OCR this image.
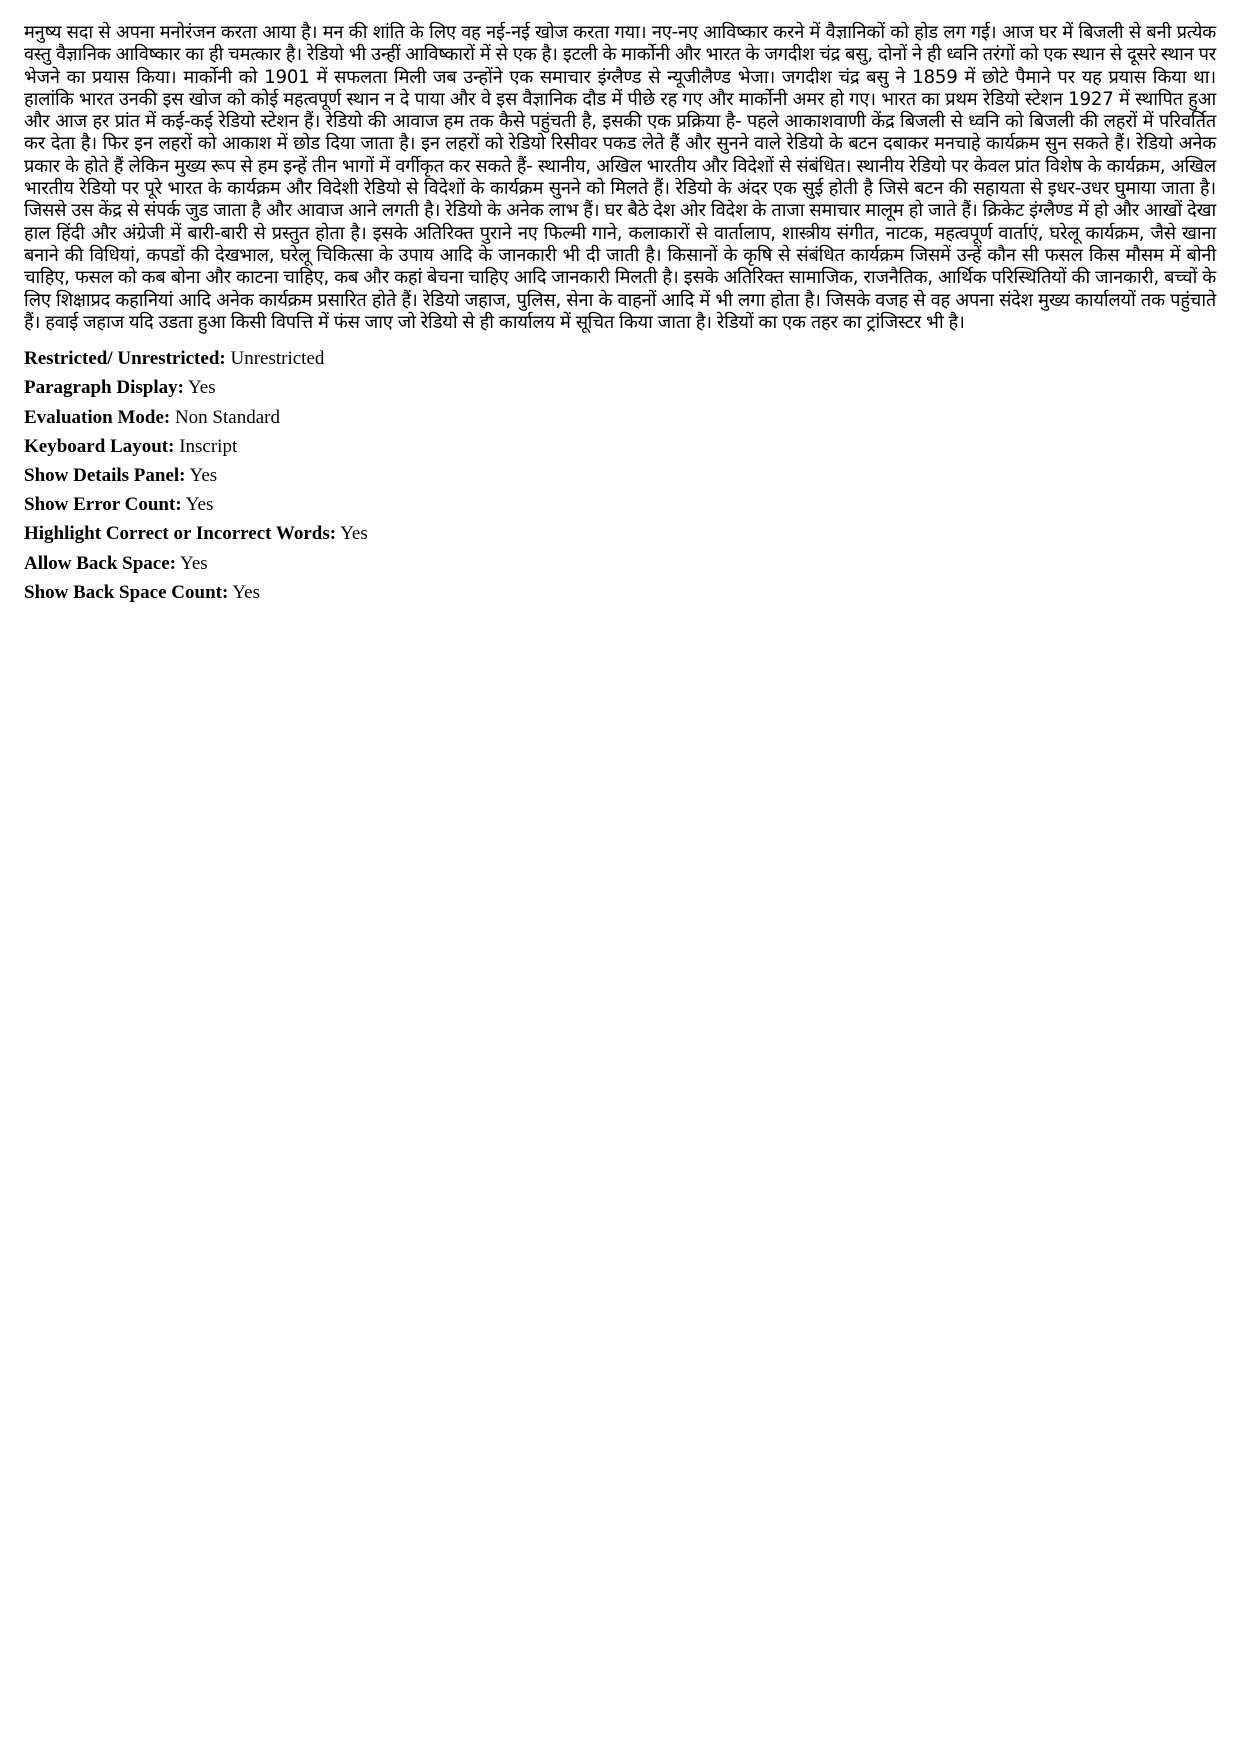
मनुष्य सदा से अपना मनोरंजन करता आया है। मन की शांति के लिए वह नई-नई खोज करता गया। नए-नए आविष्कार करने में वैज्ञानिकों को होड लग गई। आज घर में बिजली से बनी प्रत्येक वस्तु वैज्ञानिक आविष्कार का ही चमत्कार है। रेडियो भी उन्हीं आविष्कारों में से एक है। इटली के मार्कोनी और भारत के जगदीश चंद्र बसु, दोनों ने ही ध्वनि तरंगों को एक स्थान से दूसरे स्थान पर भेजने का प्रयास किया। मार्कोनी को 1901 में सफलता मिली जब उन्होंने एक समाचार इंग्लैण्ड से न्यूजीलैण्ड भेजा। जगदीश चंद्र बसु ने 1859 में छोटे पैमाने पर यह प्रयास किया था। हालांकि भारत उनकी इस खोज को कोई महत्वपूर्ण स्थान न दे पाया और वे इस वैज्ञानिक दौड में पीछे रह गए और मार्कोनी अमर हो गए। भारत का प्रथम रेडियो स्टेशन 1927 में स्थापित हुआ और आज हर प्रांत में कई-कई रेडियो स्टेशन हैं। रेडियो की आवाज हम तक कैसे पहुंचती है, इसकी एक प्रक्रिया है- पहले आकाशवाणी केंद्र बिजली से ध्वनि को बिजली की लहरों में परिवर्तित कर देता है। फिर इन लहरों को आकाश में छोड दिया जाता है। इन लहरों को रेडियो रिसीवर पकड लेते हैं और सुनने वाले रेडियो के बटन दबाकर मनचाहे कार्यक्रम सुन सकते हैं। रेडियो अनेक प्रकार के होते हैं लेकिन मुख्य रूप से हम इन्हें तीन भागों में वर्गीकृत कर सकते हैं- स्थानीय, अखिल भारतीय और विदेशों से संबंधित। स्थानीय रेडियो पर केवल प्रांत विशेष के कार्यक्रम, अखिल भारतीय रेडियो पर पूरे भारत के कार्यक्रम और विदेशी रेडियो से विदेशों के कार्यक्रम सुनने को मिलते हैं। रेडियो के अंदर एक सुई होती है जिसे बटन की सहायता से इधर-उधर घुमाया जाता है। जिससे उस केंद्र से संपर्क जुड जाता है और आवाज आने लगती है। रेडियो के अनेक लाभ हैं। घर बैठे देश ओर विदेश के ताजा समाचार मालूम हो जाते हैं। क्रिकेट इंग्लैण्ड में हो और आखों देखा हाल हिंदी और अंग्रेजी में बारी-बारी से प्रस्तुत होता है। इसके अतिरिक्त पुराने नए फिल्मी गाने, कलाकारों से वार्तालाप, शास्त्रीय संगीत, नाटक, महत्वपूर्ण वार्ताएं, घरेलू कार्यक्रम, जैसे खाना बनाने की विधियां, कपडों की देखभाल, घरेलू चिकित्सा के उपाय आदि के जानकारी भी दी जाती है। किसानों के कृषि से संबंधित कार्यक्रम जिसमें उन्हें कौन सी फसल किस मौसम में बोनी चाहिए, फसल को कब बोना और काटना चाहिए, कब और कहां बेचना चाहिए आदि जानकारी मिलती है। इसके अतिरिक्त सामाजिक, राजनैतिक, आर्थिक परिस्थितियों की जानकारी, बच्चों के लिए शिक्षाप्रद कहानियां आदि अनेक कार्यक्रम प्रसारित होते हैं। रेडियो जहाज, पुलिस, सेना के वाहनों आदि में भी लगा होता है। जिसके वजह से वह अपना संदेश मुख्य कार्यालयों तक पहुंचाते हैं। हवाई जहाज यदि उडता हुआ किसी विपत्ति में फंस जाए जो रेडियो से ही कार्यालय में सूचित किया जाता है। रेडियों का एक तहर का ट्रांजिस्टर भी है।

Restricted/ Unrestricted: Unrestricted
Paragraph Display: Yes
Evaluation Mode: Non Standard
Keyboard Layout: Inscript
Show Details Panel: Yes
Show Error Count: Yes
Highlight Correct or Incorrect Words: Yes
Allow Back Space: Yes
Show Back Space Count: Yes
